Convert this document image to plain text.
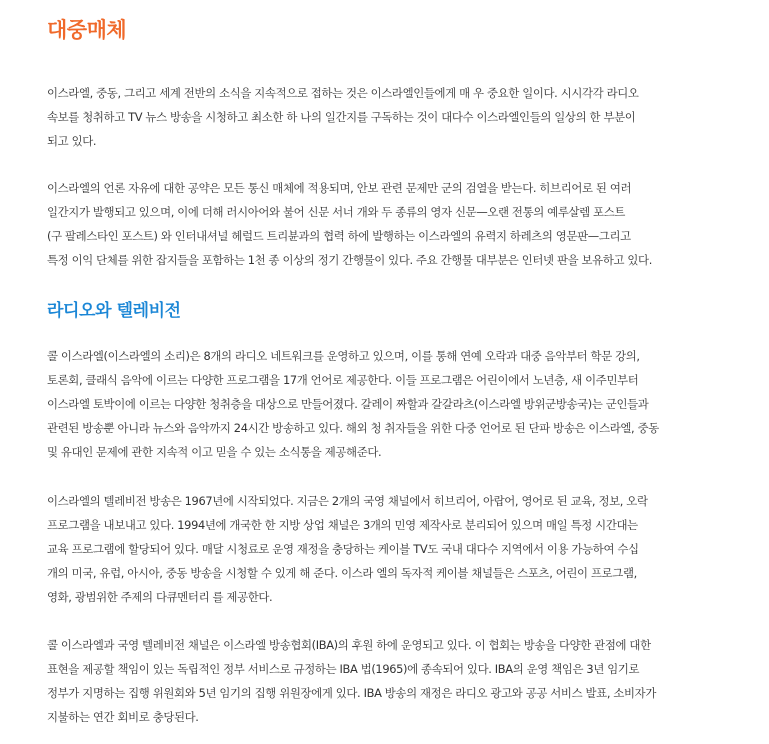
대중매체
이스라엘, 중동, 그리고 세계 전반의 소식을 지속적으로 접하는 것은 이스라엘인들에게 매 우 중요한 일이다. 시시각각 라디오
속보를 청취하고 TV 뉴스 방송을 시청하고 최소한 하 나의 일간지를 구독하는 것이 대다수 이스라엘인들의 일상의 한 부분이
되고 있다.
이스라엘의 언론 자유에 대한 공약은 모든 통신 매체에 적용되며, 안보 관련 문제만 군의 검열을 받는다. 히브리어로 된 여러
일간지가 발행되고 있으며, 이에 더해 러시아어와 불어 신문 서너 개와 두 종류의 영자 신문—오랜 전통의 예루살렘 포스트
(구 팔레스타인 포스트) 와 인터내셔널 헤럴드 트리뷴과의 협력 하에 발행하는 이스라엘의 유력지 하레츠의 영문판—그리고
특정 이익 단체를 위한 잡지들을 포함하는 1천 종 이상의 정기 간행물이 있다. 주요 간행물 대부분은 인터넷 판을 보유하고 있다.
라디오와 텔레비전
콜 이스라엘(이스라엘의 소리)은 8개의 라디오 네트워크를 운영하고 있으며, 이를 통해 연예 오락과 대중 음악부터 학문 강의,
토론회, 클래식 음악에 이르는 다양한 프로그램을 17개 언어로 제공한다. 이들 프로그램은 어린이에서 노년층, 새 이주민부터
이스라엘 토박이에 이르는 다양한 청취층을 대상으로 만들어졌다. 갈레이 짜할과 갈갈라츠(이스라엘 방위군방송국)는 군인들과
관련된 방송뿐 아니라 뉴스와 음악까지 24시간 방송하고 있다. 해외 청 취자들을 위한 다중 언어로 된 단파 방송은 이스라엘, 중동
및 유대인 문제에 관한 지속적 이고 믿을 수 있는 소식통을 제공해준다.
이스라엘의 텔레비전 방송은 1967년에 시작되었다. 지금은 2개의 국영 채널에서 히브리어, 아랍어, 영어로 된 교육, 정보, 오락
프로그램을 내보내고 있다. 1994년에 개국한 한 지방 상업 채널은 3개의 민영 제작사로 분리되어 있으며 매일 특정 시간대는
교육 프로그램에 할당되어 있다. 매달 시청료로 운영 재정을 충당하는 케이블 TV도 국내 대다수 지역에서 이용 가능하여 수십
개의 미국, 유럽, 아시아, 중동 방송을 시청할 수 있게 해 준다. 이스라 엘의 독자적 케이블 채널들은 스포츠, 어린이 프로그램,
영화, 광범위한 주제의 다큐멘터리 를 제공한다.
콜 이스라엘과 국영 텔레비전 채널은 이스라엘 방송협회(IBA)의 후원 하에 운영되고 있다. 이 협회는 방송을 다양한 관점에 대한
표현을 제공할 책임이 있는 독립적인 정부 서비스로 규정하는 IBA 법(1965)에 종속되어 있다. IBA의 운영 책임은 3년 임기로
정부가 지명하는 집행 위원회와 5년 임기의 집행 위원장에게 있다. IBA 방송의 재정은 라디오 광고와 공공 서비스 발표, 소비자가
지불하는 연간 회비로 충당된다.
